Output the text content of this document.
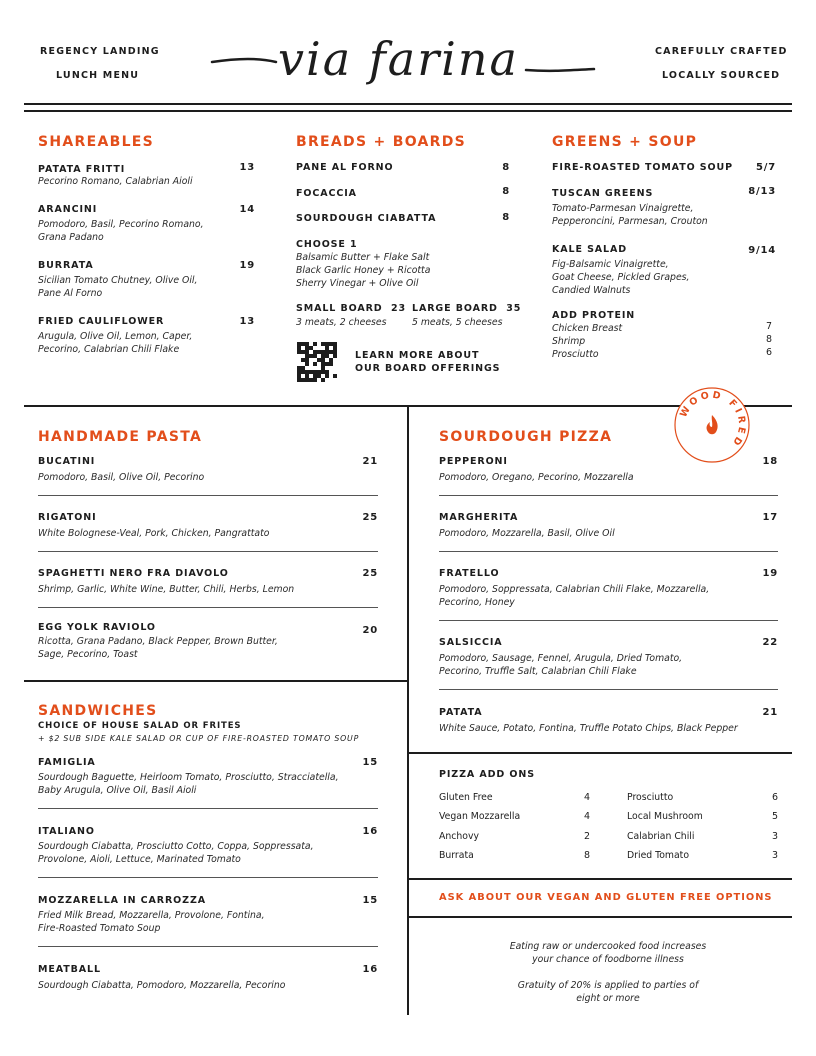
REGENCY LANDING
LUNCH MENU
CAREFULLY CRAFTED
LOCALLY SOURCED
via farina
SHAREABLES
PATATA FRITTI	13
Pecorino Romano, Calabrian Aioli
ARANCINI	14
Pomodoro, Basil, Pecorino Romano,
Grana Padano
BURRATA	19
Sicilian Tomato Chutney, Olive Oil,
Pane Al Forno
FRIED CAULIFLOWER	13
Arugula, Olive Oil, Lemon, Caper,
Pecorino, Calabrian Chili Flake
BREADS + BOARDS
PANE AL FORNO	8
FOCACCIA	8
SOURDOUGH CIABATTA	8
CHOOSE 1
Balsamic Butter + Flake Salt
Black Garlic Honey + Ricotta
Sherry Vinegar + Olive Oil
SMALL BOARD 23
3 meats, 2 cheeses
LARGE BOARD 35
5 meats, 5 cheeses
LEARN MORE ABOUT
OUR BOARD OFFERINGS
GREENS + SOUP
FIRE-ROASTED TOMATO SOUP	5/7
TUSCAN GREENS	8/13
Tomato-Parmesan Vinaigrette,
Pepperoncini, Parmesan, Crouton
KALE SALAD	9/14
Fig-Balsamic Vinaigrette,
Goat Cheese, Pickled Grapes,
Candied Walnuts
ADD PROTEIN
Chicken Breast	7
Shrimp	8
Prosciutto	6
WOOD FIRED
HANDMADE PASTA
BUCATINI	21
Pomodoro, Basil, Olive Oil, Pecorino
RIGATONI	25
White Bolognese-Veal, Pork, Chicken, Pangrattato
SPAGHETTI NERO FRA DIAVOLO	25
Shrimp, Garlic, White Wine, Butter, Chili, Herbs, Lemon
EGG YOLK RAVIOLO	20
Ricotta, Grana Padano, Black Pepper, Brown Butter,
Sage, Pecorino, Toast
SOURDOUGH PIZZA
PEPPERONI	18
Pomodoro, Oregano, Pecorino, Mozzarella
MARGHERITA	17
Pomodoro, Mozzarella, Basil, Olive Oil
FRATELLO	19
Pomodoro, Soppressata, Calabrian Chili Flake, Mozzarella,
Pecorino, Honey
SALSICCIA	22
Pomodoro, Sausage, Fennel, Arugula, Dried Tomato,
Pecorino, Truffle Salt, Calabrian Chili Flake
PATATA	21
White Sauce, Potato, Fontina, Truffle Potato Chips, Black Pepper
SANDWICHES
CHOICE OF HOUSE SALAD OR FRITES
+ $2 SUB SIDE KALE SALAD OR CUP OF FIRE-ROASTED TOMATO SOUP
FAMIGLIA	15
Sourdough Baguette, Heirloom Tomato, Prosciutto, Stracciatella,
Baby Arugula, Olive Oil, Basil Aioli
ITALIANO	16
Sourdough Ciabatta, Prosciutto Cotto, Coppa, Soppressata,
Provolone, Aioli, Lettuce, Marinated Tomato
MOZZARELLA IN CARROZZA	15
Fried Milk Bread, Mozzarella, Provolone, Fontina,
Fire-Roasted Tomato Soup
MEATBALL	16
Sourdough Ciabatta, Pomodoro, Mozzarella, Pecorino
PIZZA ADD ONS
Gluten Free	4
Vegan Mozzarella	4
Anchovy	2
Burrata	8
Prosciutto	6
Local Mushroom	5
Calabrian Chili	3
Dried Tomato	3
ASK ABOUT OUR VEGAN AND GLUTEN FREE OPTIONS
Eating raw or undercooked food increases
your chance of foodborne illness
Gratuity of 20% is applied to parties of
eight or more
